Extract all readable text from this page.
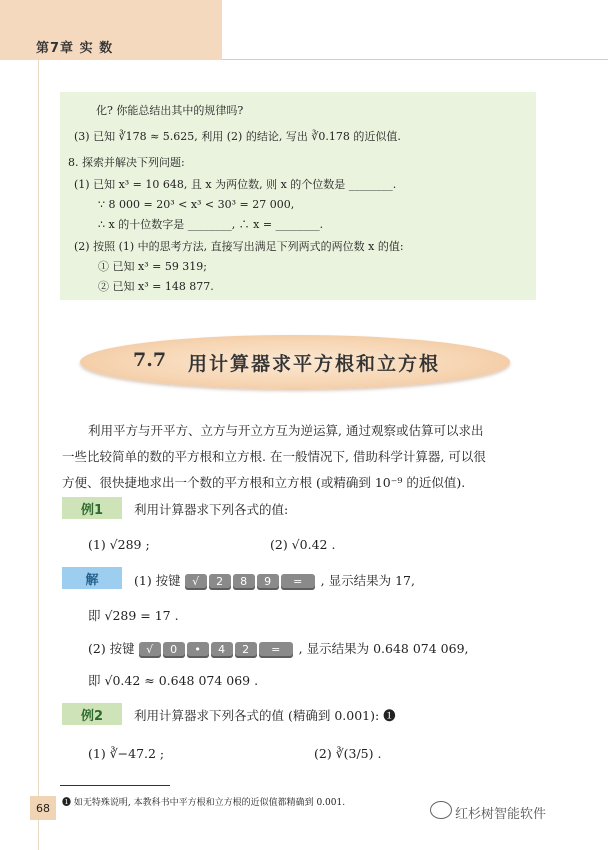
第7章 实 数
化? 你能总结出其中的规律吗?
(3) 已知 ∛178 ≈ 5.625, 利用 (2) 的结论, 写出 ∛0.178 的近似值.
8. 探索并解决下列问题:
(1) 已知 x³ = 10 648, 且 x 为两位数, 则 x 的个位数是 ________.
∵ 8 000 = 20³ < x³ < 30³ = 27 000,
∴ x 的十位数字是 ________, ∴ x = ________.
(2) 按照 (1) 中的思考方法, 直接写出满足下列两式的两位数 x 的值:
① 已知 x³ = 59 319;
② 已知 x³ = 148 877.
7.7 用计算器求平方根和立方根
利用平方与开平方、立方与开立方互为逆运算, 通过观察或估算可以求出
一些比较简单的数的平方根和立方根. 在一般情况下, 借助科学计算器, 可以很
方便、很快捷地求出一个数的平方根和立方根 (或精确到 10⁻⁹ 的近似值).
例1	利用计算器求下列各式的值:
(1) √289 ;	(2) √0.42 .
解	(1) 按键 √ 2 8 9 = , 显示结果为 17,
即 √289 = 17 .
(2) 按键 √ 0 • 4 2 = , 显示结果为 0.648 074 069,
即 √0.42 ≈ 0.648 074 069 .
例2	利用计算器求下列各式的值 (精确到 0.001): ❶
(1) ∛−47.2 ;	(2) ∛(3/5) .
❶ 如无特殊说明, 本教科书中平方根和立方根的近似值都精确到 0.001.
68	红杉树智能软件
